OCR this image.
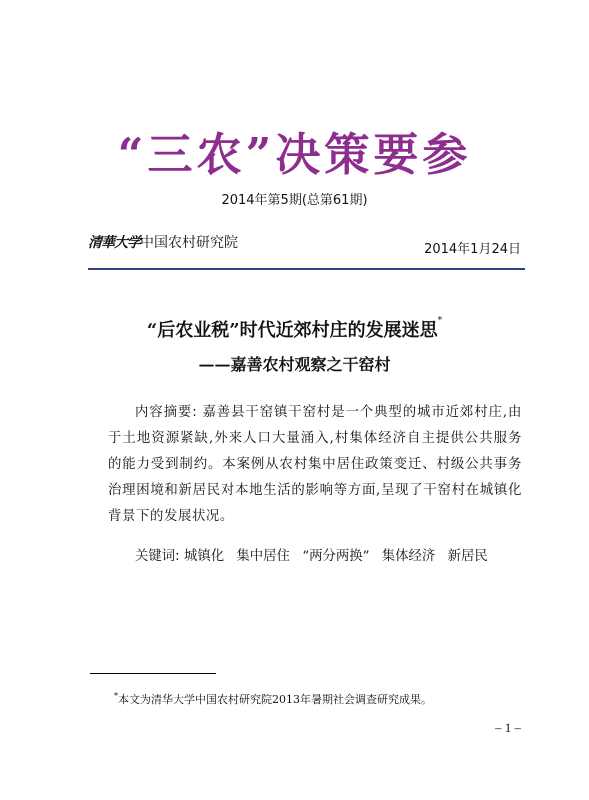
“三农”决策要参
2014年第5期(总第61期)
清華大学中国农村研究院	2014年1月24日
“后农业税”时代近郊村庄的发展迷思*
——嘉善农村观察之干窑村
内容摘要: 嘉善县干窑镇干窑村是一个典型的城市近郊村庄,由于土地资源紧缺,外来人口大量涌入,村集体经济自主提供公共服务的能力受到制约。本案例从农村集中居住政策变迁、村级公共事务治理困境和新居民对本地生活的影响等方面,呈现了干窑村在城镇化背景下的发展状况。
关键词: 城镇化 集中居住 “两分两换” 集体经济 新居民
*本文为清华大学中国农村研究院2013年暑期社会调查研究成果。
– 1 –
